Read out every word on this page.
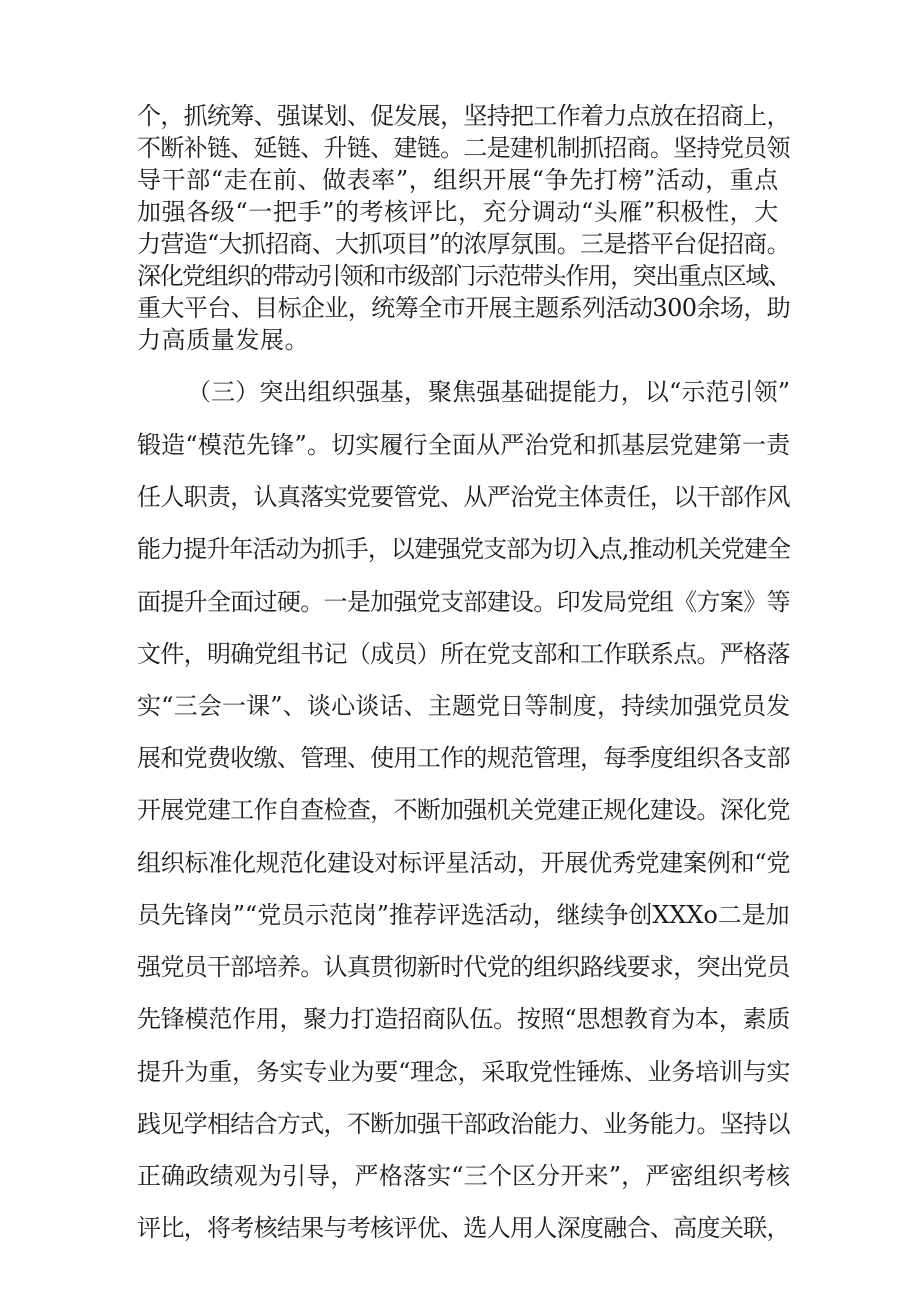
个，抓统筹、强谋划、促发展，坚持把工作着力点放在招商上，
不断补链、延链、升链、建链。二是建机制抓招商。坚持党员领
导干部“走在前、做表率”，组织开展“争先打榜”活动，重点
加强各级“一把手”的考核评比，充分调动“头雁”积极性，大
力营造“大抓招商、大抓项目”的浓厚氛围。三是搭平台促招商。
深化党组织的带动引领和市级部门示范带头作用，突出重点区域、
重大平台、目标企业，统筹全市开展主题系列活动300余场，助
力高质量发展。
（三）突出组织强基，聚焦强基础提能力，以“示范引领”
锻造“模范先锋”。切实履行全面从严治党和抓基层党建第一责
任人职责，认真落实党要管党、从严治党主体责任，以干部作风
能力提升年活动为抓手，以建强党支部为切入点,推动机关党建全
面提升全面过硬。一是加强党支部建设。印发局党组《方案》等
文件，明确党组书记（成员）所在党支部和工作联系点。严格落
实“三会一课”、谈心谈话、主题党日等制度，持续加强党员发
展和党费收缴、管理、使用工作的规范管理，每季度组织各支部
开展党建工作自查检查，不断加强机关党建正规化建设。深化党
组织标准化规范化建设对标评星活动，开展优秀党建案例和“党
员先锋岗”“党员示范岗”推荐评选活动，继续争创XXXo二是加
强党员干部培养。认真贯彻新时代党的组织路线要求，突出党员
先锋模范作用，聚力打造招商队伍。按照“思想教育为本，素质
提升为重，务实专业为要“理念，采取党性锤炼、业务培训与实
践见学相结合方式，不断加强干部政治能力、业务能力。坚持以
正确政绩观为引导，严格落实“三个区分开来”，严密组织考核
评比，将考核结果与考核评优、选人用人深度融合、高度关联，
